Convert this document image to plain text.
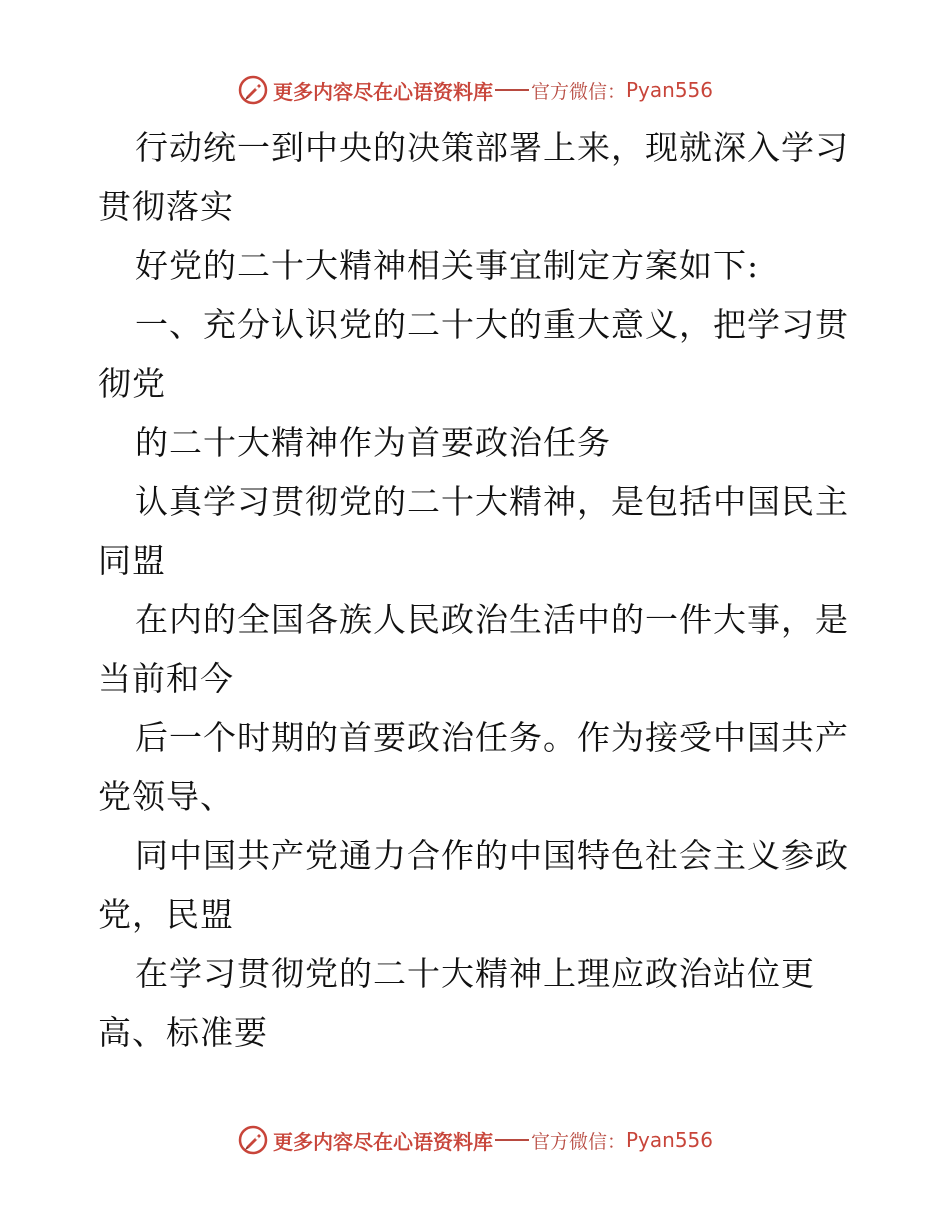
更多内容尽在心语资料库 官方微信： Pyan556
行动统一到中央的决策部署上来，现就深入学习
贯彻落实
好党的二十大精神相关事宜制定方案如下:
一、充分认识党的二十大的重大意义，把学习贯
彻党
的二十大精神作为首要政治任务
认真学习贯彻党的二十大精神，是包括中国民主
同盟
在内的全国各族人民政治生活中的一件大事，是
当前和今
后一个时期的首要政治任务。作为接受中国共产
党领导、
同中国共产党通力合作的中国特色社会主义参政
党，民盟
在学习贯彻党的二十大精神上理应政治站位更
高、标准要
更多内容尽在心语资料库 官方微信： Pyan556
